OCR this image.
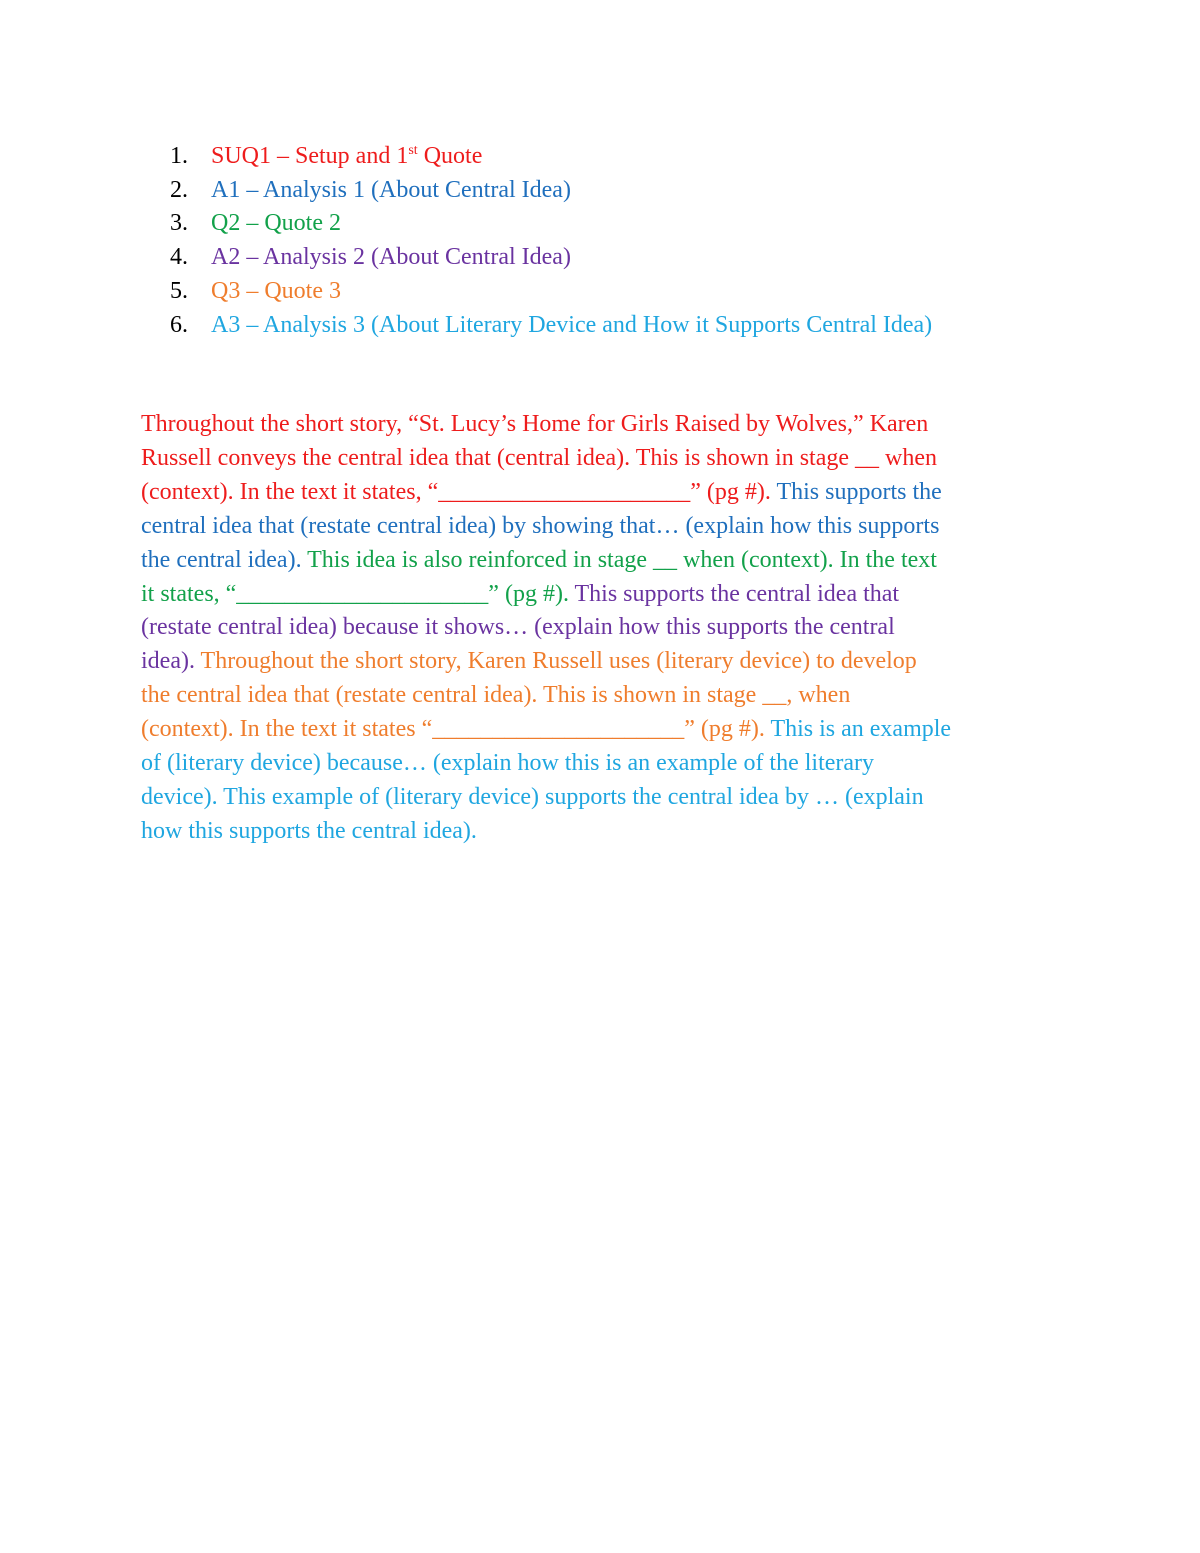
1. SUQ1 – Setup and 1st Quote
2. A1 – Analysis 1 (About Central Idea)
3. Q2 – Quote 2
4. A2 – Analysis 2 (About Central Idea)
5. Q3 – Quote 3
6. A3 – Analysis 3 (About Literary Device and How it Supports Central Idea)
Throughout the short story, “St. Lucy’s Home for Girls Raised by Wolves,” Karen
Russell conveys the central idea that (central idea). This is shown in stage __ when
(context). In the text it states, “_____________________” (pg #). This supports the
central idea that (restate central idea) by showing that… (explain how this supports
the central idea). This idea is also reinforced in stage __ when (context). In the text
it states, “_____________________” (pg #). This supports the central idea that
(restate central idea) because it shows… (explain how this supports the central
idea). Throughout the short story, Karen Russell uses (literary device) to develop
the central idea that (restate central idea). This is shown in stage __, when
(context). In the text it states “_____________________” (pg #). This is an example
of (literary device) because… (explain how this is an example of the literary
device). This example of (literary device) supports the central idea by … (explain
how this supports the central idea).
